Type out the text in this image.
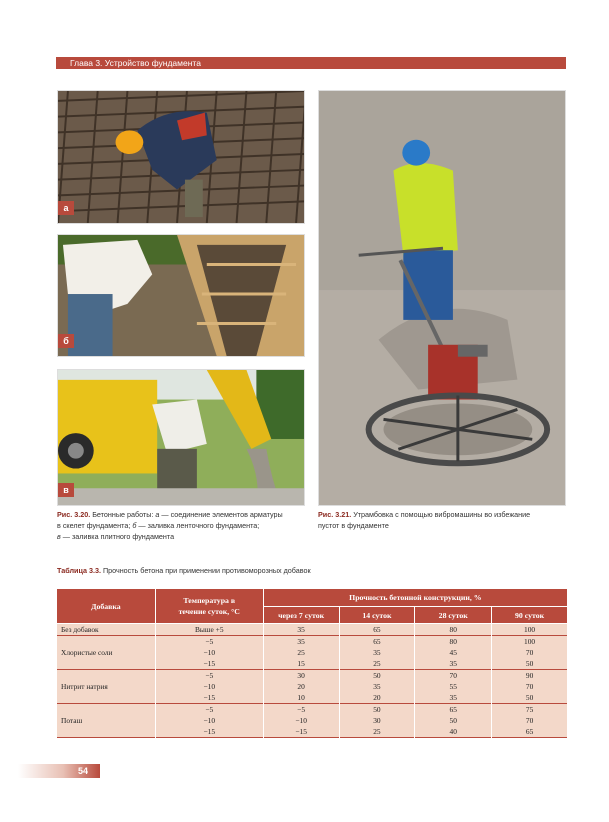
Глава 3. Устройство фундамента
а
б
в
Рис. 3.20. Бетонные работы: а — соединение элементов арматуры
в скелет фундамента; б — заливка ленточного фундамента;
в — заливка плитного фундамента
Рис. 3.21. Утрамбовка с помощью вибромашины во избежание
пустот в фундаменте
Таблица 3.3. Прочность бетона при применении противоморозных добавок
Добавка	Температура в течение суток, °С	Прочность бетонной конструкции, %			
		через 7 суток	14 суток	28 суток	90 суток
Без добавок	Выше +5	35	65	80	100
Хлористые соли	−5	35	65	80	100
	−10	25	35	45	70
	−15	15	25	35	50
Нитрит натрия	−5	30	50	70	90
	−10	20	35	55	70
	−15	10	20	35	50
Поташ	−5	−5	50	65	75
	−10	−10	30	50	70
	−15	−15	25	40	65
54
